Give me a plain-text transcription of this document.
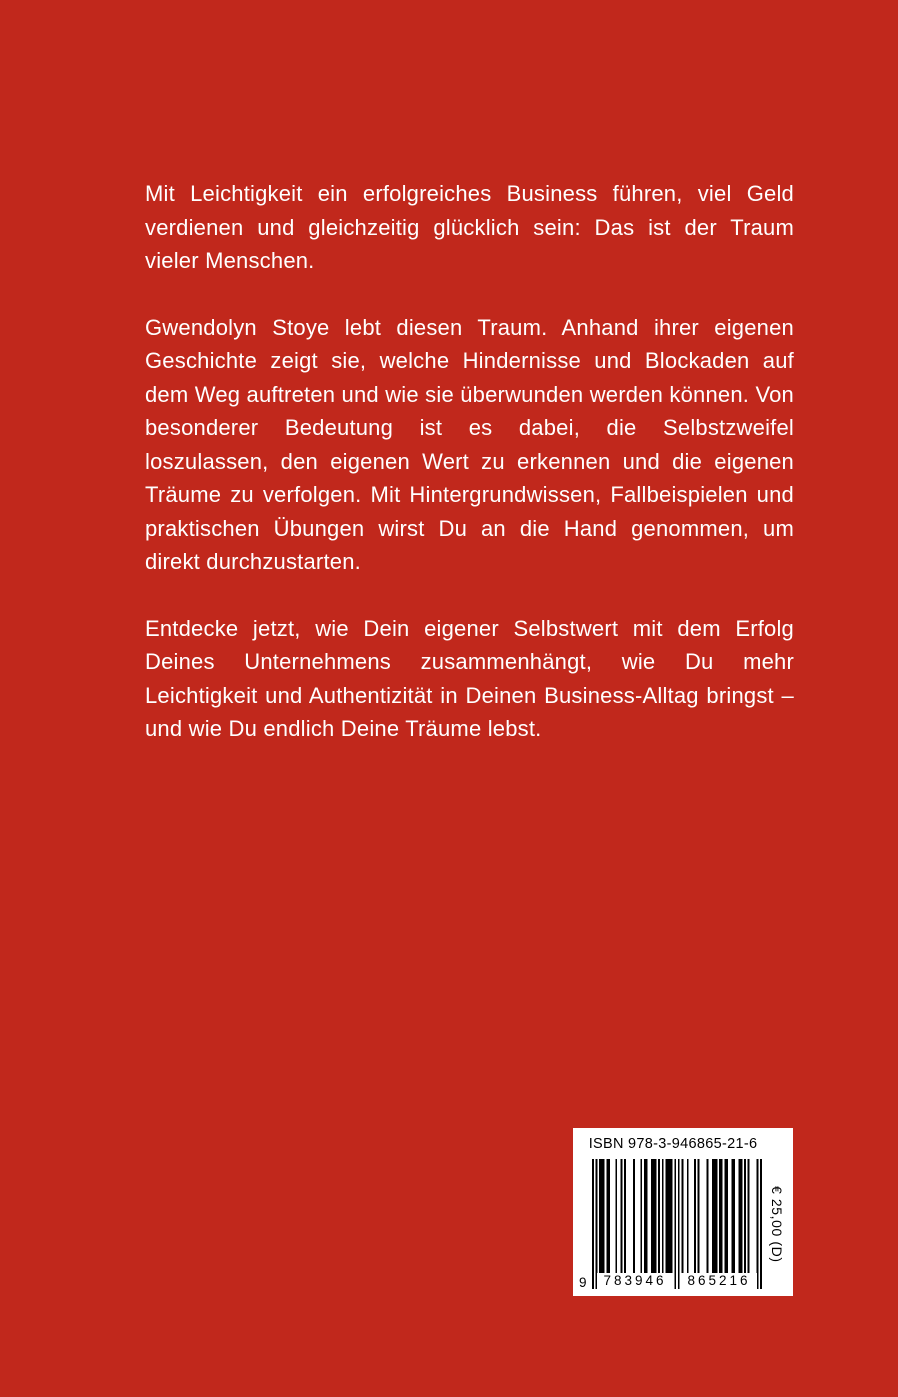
Mit Leichtigkeit ein erfolgreiches Business führen, viel Geld verdienen und gleichzeitig glücklich sein: Das ist der Traum vieler Menschen.

Gwendolyn Stoye lebt diesen Traum. Anhand ihrer eigenen Geschichte zeigt sie, welche Hindernisse und Blockaden auf dem Weg auftreten und wie sie überwunden werden können. Von besonderer Bedeutung ist es dabei, die Selbstzweifel loszulassen, den eigenen Wert zu erkennen und die eigenen Träume zu verfolgen. Mit Hintergrundwissen, Fallbeispielen und praktischen Übungen wirst Du an die Hand genommen, um direkt durchzustarten.

Entdecke jetzt, wie Dein eigener Selbstwert mit dem Erfolg Deines Unternehmens zusammenhängt, wie Du mehr Leichtigkeit und Authentizität in Deinen Business-Alltag bringst – und wie Du endlich Deine Träume lebst.

ISBN 978-3-946865-21-6
783946	865216
9
€ 25,00 (D)
